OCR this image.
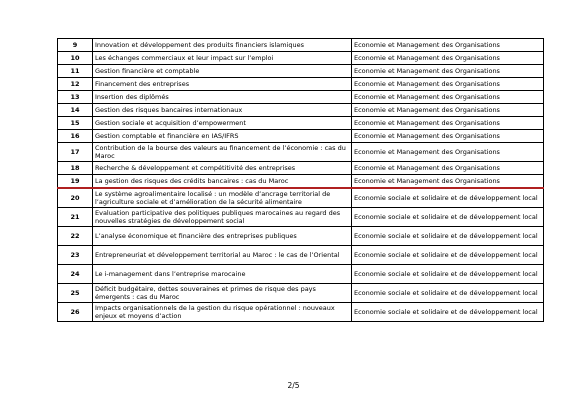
9	Innovation et développement des produits financiers islamiques	Economie et Management des Organisations
10	Les échanges commerciaux et leur impact sur l’emploi	Economie et Management des Organisations
11	Gestion financière et comptable	Economie et Management des Organisations
12	Financement des entreprises	Economie et Management des Organisations
13	Insertion des diplômés	Economie et Management des Organisations
14	Gestion des risques bancaires internationaux	Economie et Management des Organisations
15	Gestion sociale et acquisition d’empowerment	Economie et Management des Organisations
16	Gestion comptable et financière en IAS/IFRS	Economie et Management des Organisations
17	Contribution de la bourse des valeurs au financement de l’économie : cas du Maroc	Economie et Management des Organisations
18	Recherche & développement et compétitivité des entreprises	Economie et Management des Organisations
19	La gestion des risques des crédits bancaires : cas du Maroc	Economie et Management des Organisations
20	Le système agroalimentaire localisé : un modèle d’ancrage territorial de l’agriculture sociale et d’amélioration de la sécurité alimentaire	Economie sociale et solidaire et de développement local
21	Evaluation participative des politiques publiques marocaines au regard des nouvelles stratégies de développement social	Economie sociale et solidaire et de développement local
22	L’analyse économique et financière des entreprises publiques	Economie sociale et solidaire et de développement local
23	Entrepreneuriat et développement territorial au Maroc : le cas de l’Oriental	Economie sociale et solidaire et de développement local
24	Le i-management dans l’entreprise marocaine	Economie sociale et solidaire et de développement local
25	Déficit budgétaire, dettes souveraines et primes de risque des pays émergents : cas du Maroc	Economie sociale et solidaire et de développement local
26	Impacts organisationnels de la gestion du risque opérationnel : nouveaux enjeux et moyens d’action	Economie sociale et solidaire et de développement local
2/5
